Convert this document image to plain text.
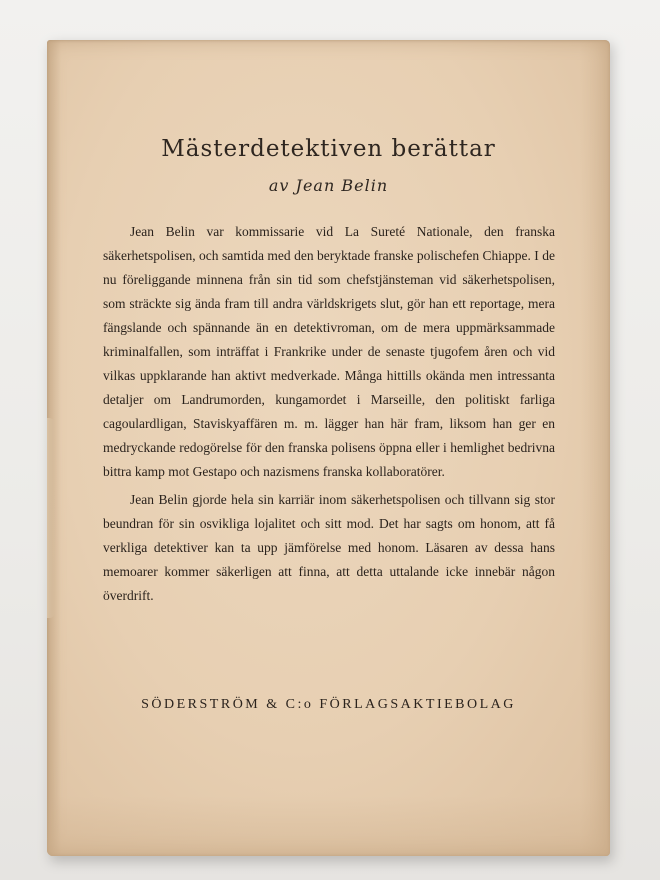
Mästerdetektiven berättar

av Jean Belin

Jean Belin var kommissarie vid La Sureté Nationale, den franska säkerhetspolisen, och samtida med den beryktade franske polischefen Chiappe. I de nu föreliggande minnena från sin tid som chefstjänsteman vid säkerhetspolisen, som sträckte sig ända fram till andra världskrigets slut, gör han ett reportage, mera fängslande och spännande än en detektivroman, om de mera uppmärksammade kriminalfallen, som inträffat i Frankrike under de senaste tjugofem åren och vid vilkas uppklarande han aktivt medverkade. Många hittills okända men intressanta detaljer om Landrumorden, kungamordet i Marseille, den politiskt farliga cagoulardligan, Staviskyaffären m. m. lägger han här fram, liksom han ger en medryckande redogörelse för den franska polisens öppna eller i hemlighet bedrivna bittra kamp mot Gestapo och nazismens franska kollaboratörer.

Jean Belin gjorde hela sin karriär inom säkerhetspolisen och tillvann sig stor beundran för sin osvikliga lojalitet och sitt mod. Det har sagts om honom, att få verkliga detektiver kan ta upp jämförelse med honom. Läsaren av dessa hans memoarer kommer säkerligen att finna, att detta uttalande icke innebär någon överdrift.

SÖDERSTRÖM & C:o FÖRLAGSAKTIEBOLAG
